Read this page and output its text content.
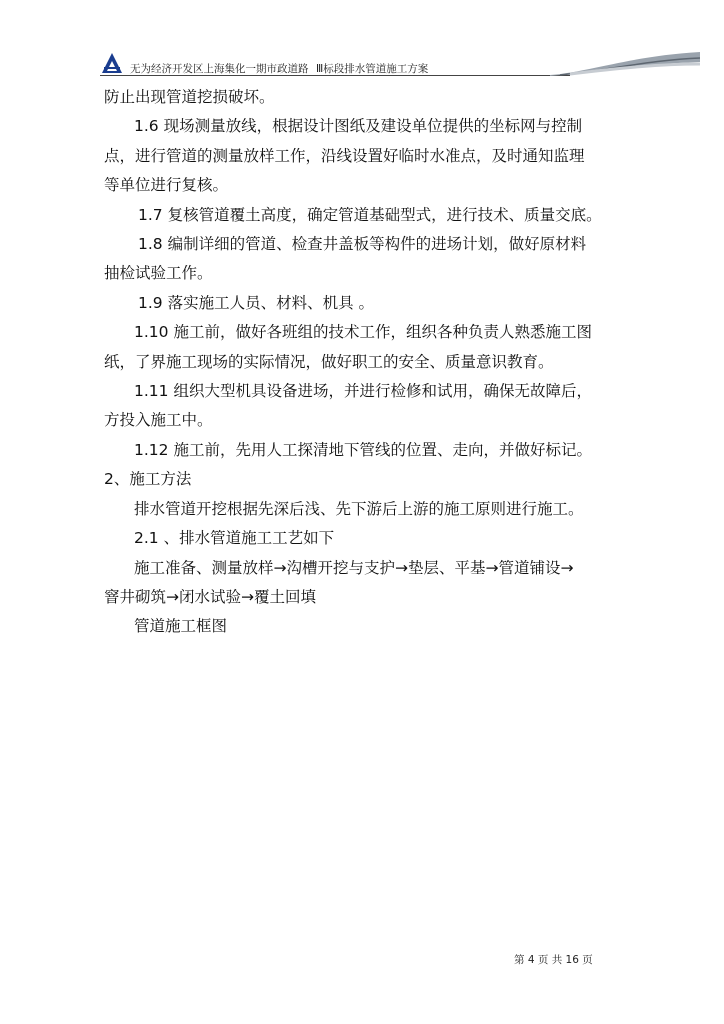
无为经济开发区上海集化一期市政道路 Ⅲ标段排水管道施工方案

防止出现管道挖损破坏。

1.6 现场测量放线，根据设计图纸及建设单位提供的坐标网与控制

点，进行管道的测量放样工作，沿线设置好临时水准点，及时通知监理

等单位进行复核。

1.7 复核管道覆土高度，确定管道基础型式，进行技术、质量交底。

1.8 编制详细的管道、检查井盖板等构件的进场计划，做好原材料

抽检试验工作。

1.9 落实施工人员、材料、机具 。

1.10 施工前，做好各班组的技术工作，组织各种负责人熟悉施工图

纸，了界施工现场的实际情况，做好职工的安全、质量意识教育。

1.11 组织大型机具设备进场，并进行检修和试用，确保无故障后，

方投入施工中。

1.12 施工前，先用人工探清地下管线的位置、走向，并做好标记。

2、施工方法

排水管道开挖根据先深后浅、先下游后上游的施工原则进行施工。

2.1 、排水管道施工工艺如下

施工准备、测量放样→沟槽开挖与支护→垫层、平基→管道铺设→

窨井砌筑→闭水试验→覆土回填

管道施工框图

第 4 页 共 16 页
